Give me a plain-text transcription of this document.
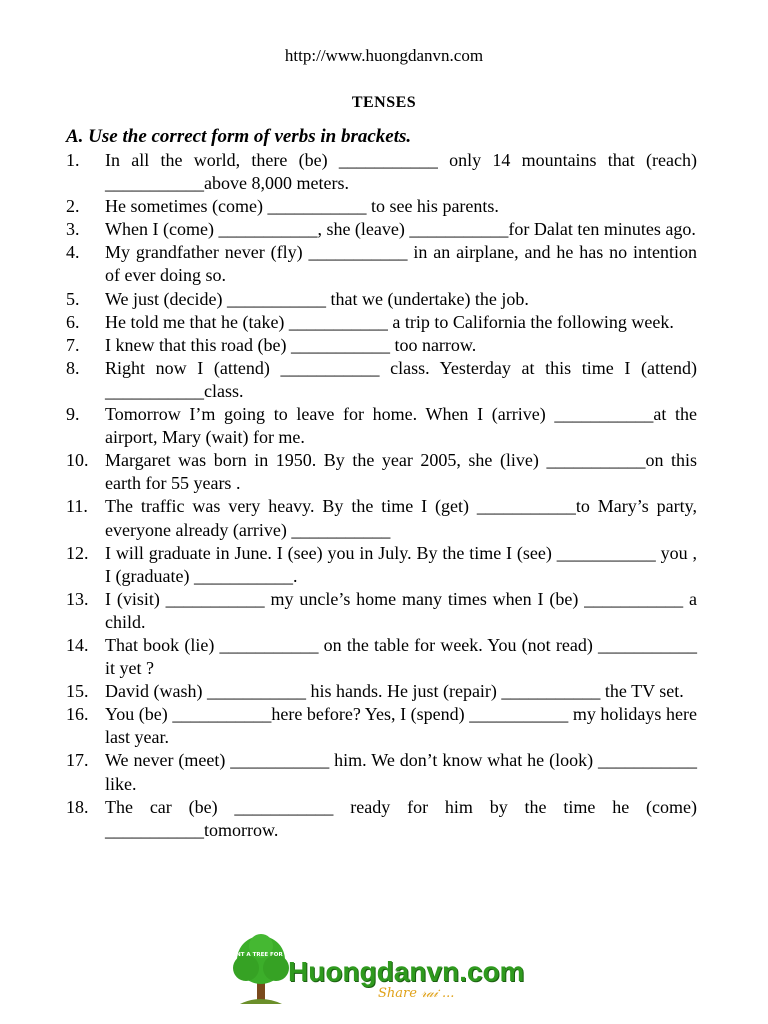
http://www.huongdanvn.com
TENSES
A. Use the correct form of verbs in brackets.
1.	In all the world, there (be) ___________ only 14 mountains that (reach) ___________above 8,000 meters.
2.	He sometimes (come) ___________ to see his parents.
3.	When I (come) ___________, she (leave) ___________for Dalat ten minutes ago.
4.	My grandfather never (fly) ___________ in an airplane, and he has no intention of ever doing so.
5.	We just (decide) ___________ that we (undertake) the job.
6.	He told me that he (take) ___________ a trip to California the following week.
7.	I knew that this road (be) ___________ too narrow.
8.	Right now I (attend) ___________ class. Yesterday at this time I (attend) ___________class.
9.	Tomorrow I’m going to leave for home. When I (arrive) ___________at the airport, Mary (wait) for me.
10. Margaret was born in 1950. By the year 2005, she (live) ___________on this earth for 55 years .
11. The traffic was very heavy. By the time I (get) ___________to Mary’s party, everyone already (arrive) ___________
12. I will graduate in June. I (see) you in July. By the time I (see) ___________ you , I (graduate) ___________.
13. I (visit) ___________ my uncle’s home many times when I (be) ___________ a child.
14. That book (lie) ___________ on the table for week. You (not read) ___________ it yet ?
15. David (wash) ___________ his hands. He just (repair) ___________ the TV set.
16. You (be) ___________here before? Yes, I (spend) ___________ my holidays here last year.
17. We never (meet) ___________ him. We don’t know what he (look) ___________ like.
18. The car (be) ___________ ready for him by the time he (come) ___________tomorrow.
PLANT A TREE FOR LIFE
Huongdanvn.com
Share 𝓇𝒶𝒾 ...
